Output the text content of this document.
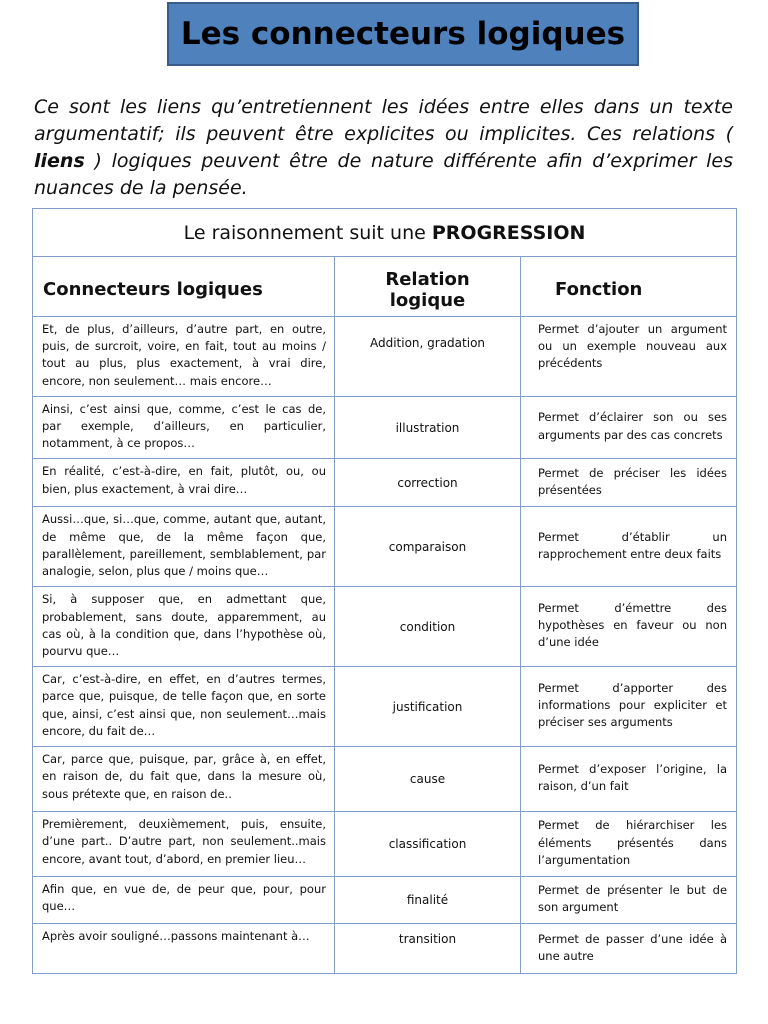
Les connecteurs logiques

Ce sont les liens qu’entretiennent les idées entre elles dans un texte argumentatif; ils peuvent être explicites ou implicites. Ces relations ( liens ) logiques peuvent être de nature différente afin d’exprimer les nuances de la pensée.

Le raisonnement suit une PROGRESSION		
Connecteurs logiques	Relation logique	Fonction
Et, de plus, d’ailleurs, d’autre part, en outre, puis, de surcroit, voire, en fait, tout au moins / tout au plus, plus exactement, à vrai dire, encore, non seulement… mais encore…	Addition, gradation	Permet d’ajouter un argument ou un exemple nouveau aux précédents
Ainsi, c’est ainsi que, comme, c’est le cas de, par exemple, d’ailleurs, en particulier, notamment, à ce propos…	illustration	Permet d’éclairer son ou ses arguments par des cas concrets
En réalité, c’est-à-dire, en fait, plutôt, ou, ou bien, plus exactement, à vrai dire…	correction	Permet de préciser les idées présentées
Aussi…que, si…que, comme, autant que, autant, de même que, de la même façon que, parallèlement, pareillement, semblablement, par analogie, selon, plus que / moins que…	comparaison	Permet d’établir un rapprochement entre deux faits
Si, à supposer que, en admettant que, probablement, sans doute, apparemment, au cas où, à la condition que, dans l’hypothèse où, pourvu que…	condition	Permet d’émettre des hypothèses en faveur ou non d’une idée
Car, c’est-à-dire, en effet, en d’autres termes, parce que, puisque, de telle façon que, en sorte que, ainsi, c’est ainsi que, non seulement…mais encore, du fait de…	justification	Permet d’apporter des informations pour expliciter et préciser ses arguments
Car, parce que, puisque, par, grâce à, en effet, en raison de, du fait que, dans la mesure où, sous prétexte que, en raison de..	cause	Permet d’exposer l’origine, la raison, d’un fait
Premièrement, deuxièmement, puis, ensuite, d’une part.. D’autre part, non seulement..mais encore, avant tout, d’abord, en premier lieu…	classification	Permet de hiérarchiser les éléments présentés dans l’argumentation
Afin que, en vue de, de peur que, pour, pour que…	finalité	Permet de présenter le but de son argument
Après avoir souligné…passons maintenant à…	transition	Permet de passer d’une idée à une autre
